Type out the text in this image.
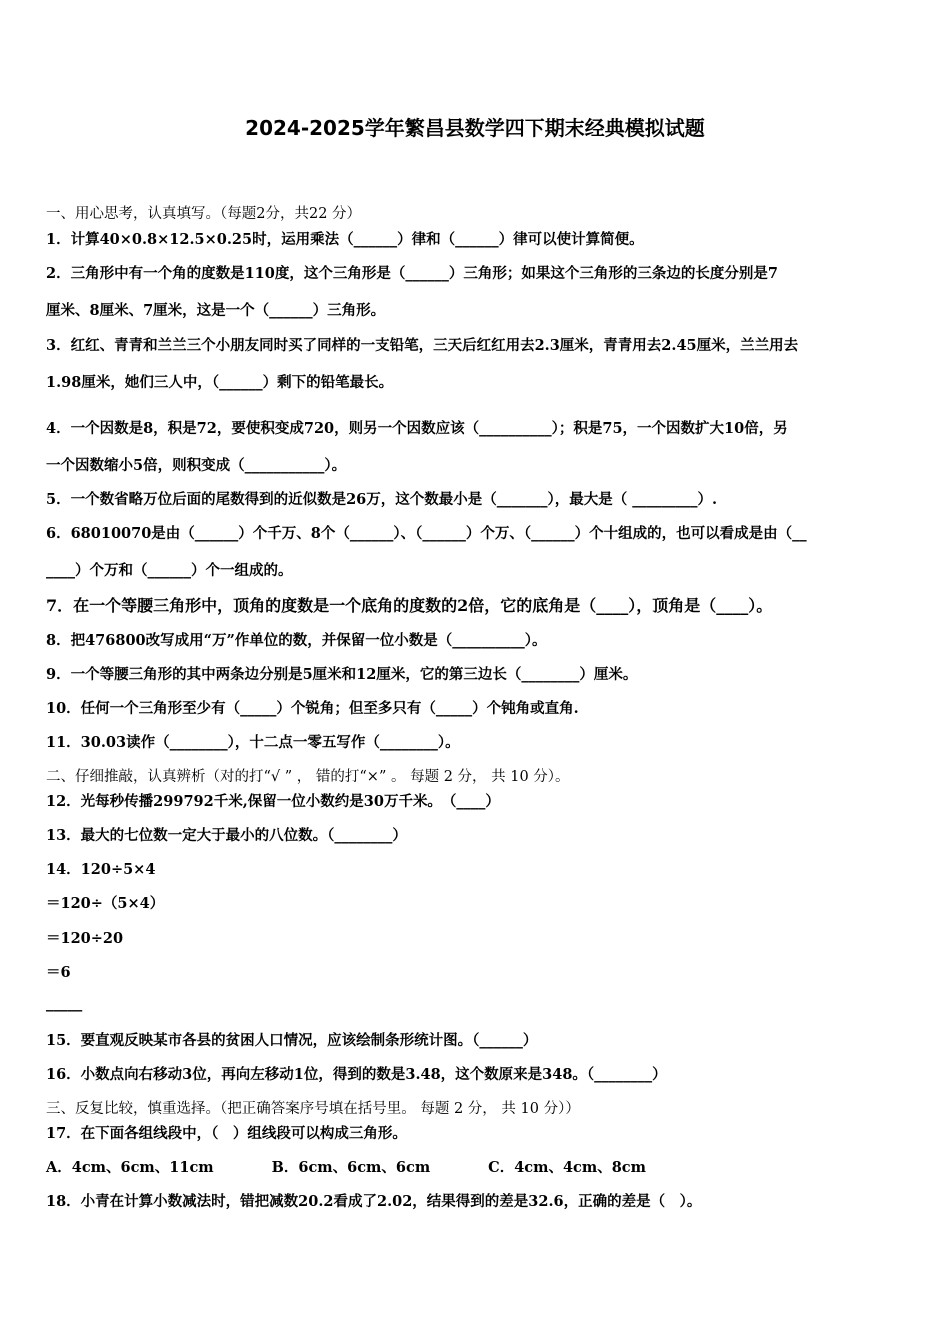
2024-2025学年繁昌县数学四下期末经典模拟试题
一、用心思考，认真填写。（每题2分，共22 分）
1．计算40×0.8×12.5×0.25时，运用乘法（______）律和（______）律可以使计算简便。
2．三角形中有一个角的度数是110度，这个三角形是（______）三角形；如果这个三角形的三条边的长度分别是7
厘米、8厘米、7厘米，这是一个（______）三角形。
3．红红、青青和兰兰三个小朋友同时买了同样的一支铅笔，三天后红红用去2.3厘米，青青用去2.45厘米，兰兰用去
1.98厘米，她们三人中，（______）剩下的铅笔最长。
4．一个因数是8，积是72，要使积变成720，则另一个因数应该（__________）；积是75，一个因数扩大10倍，另
一个因数缩小5倍，则积变成（___________）。
5．一个数省略万位后面的尾数得到的近似数是26万，这个数最小是（_______），最大是（ _________）.
6．68010070是由（______）个千万、8个（______）、（______）个万、（______）个十组成的，也可以看成是由（__
____）个万和（______）个一组成的。
7．在一个等腰三角形中，顶角的度数是一个底角的度数的2倍，它的底角是（____），顶角是（____）。
8．把476800改写成用“万”作单位的数，并保留一位小数是（__________）。
9．一个等腰三角形的其中两条边分别是5厘米和12厘米，它的第三边长（________）厘米。
10．任何一个三角形至少有（_____）个锐角；但至多只有（_____）个钝角或直角.
11．30.03读作（________），十二点一零五写作（________）。
二、仔细推敲，认真辨析（对的打“√ ” ， 错的打“×” 。 每题 2 分， 共 10 分）。
12．光每秒传播299792千米,保留一位小数约是30万千米。　（____）
13．最大的七位数一定大于最小的八位数。（________）
14．120÷5×4
＝120÷（5×4）
＝120÷20
＝6
_____
15．要直观反映某市各县的贫困人口情况，应该绘制条形统计图。（______）
16．小数点向右移动3位，再向左移动1位，得到的数是3.48，这个数原来是348。（________）
三、反复比较，慎重选择。（把正确答案序号填在括号里。 每题 2 分， 共 10 分））
17．在下面各组线段中，（　）组线段可以构成三角形。
A．4cm、6cm、11cm　　　　B．6cm、6cm、6cm　　　　C．4cm、4cm、8cm
18．小青在计算小数减法时，错把减数20.2看成了2.02，结果得到的差是32.6，正确的差是（　）。
